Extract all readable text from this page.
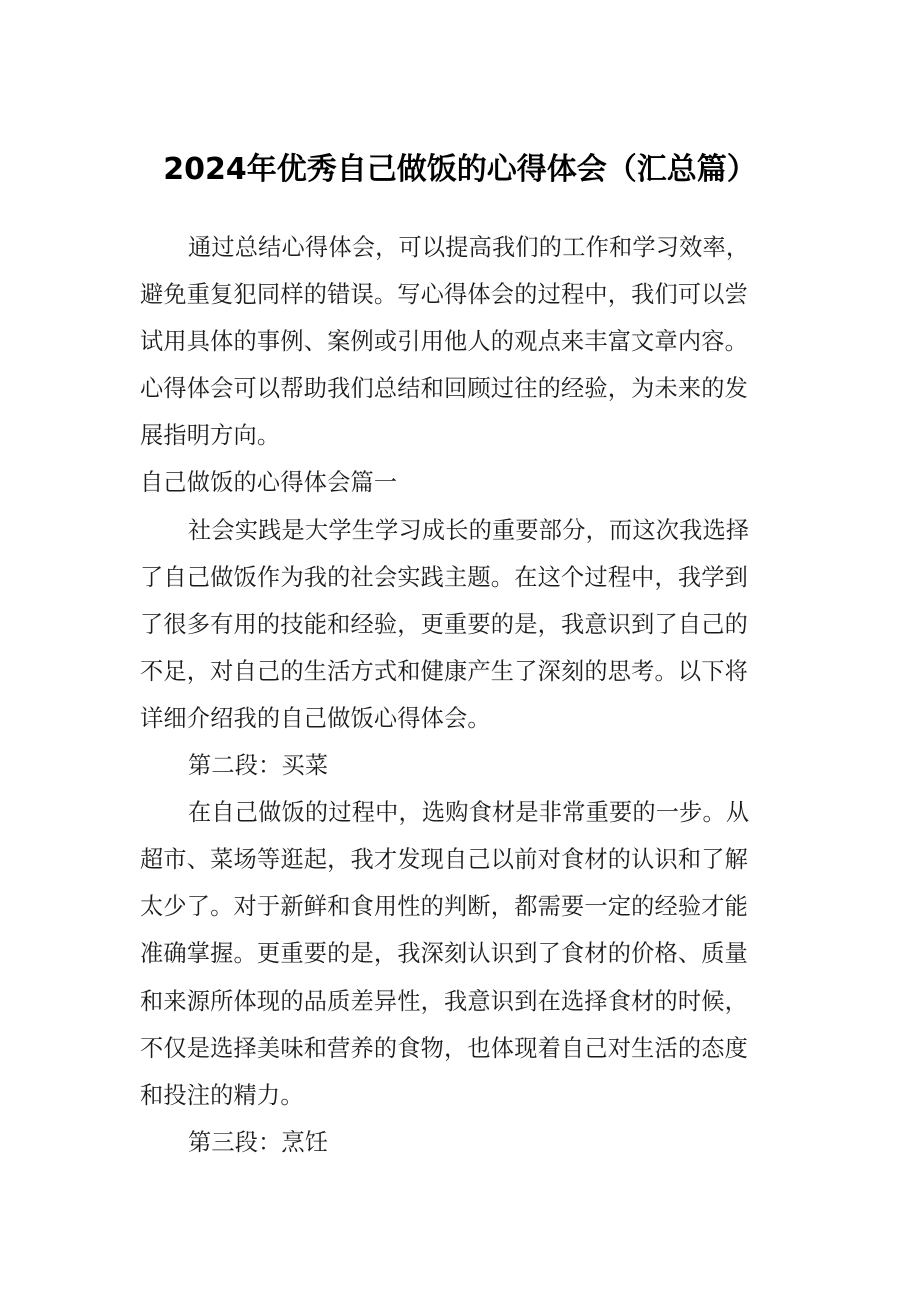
2024年优秀自己做饭的心得体会（汇总篇）
通过总结心得体会，可以提高我们的工作和学习效率，
避免重复犯同样的错误。写心得体会的过程中，我们可以尝
试用具体的事例、案例或引用他人的观点来丰富文章内容。
心得体会可以帮助我们总结和回顾过往的经验，为未来的发
展指明方向。
自己做饭的心得体会篇一
社会实践是大学生学习成长的重要部分，而这次我选择
了自己做饭作为我的社会实践主题。在这个过程中，我学到
了很多有用的技能和经验，更重要的是，我意识到了自己的
不足，对自己的生活方式和健康产生了深刻的思考。以下将
详细介绍我的自己做饭心得体会。
第二段：买菜
在自己做饭的过程中，选购食材是非常重要的一步。从
超市、菜场等逛起，我才发现自己以前对食材的认识和了解
太少了。对于新鲜和食用性的判断，都需要一定的经验才能
准确掌握。更重要的是，我深刻认识到了食材的价格、质量
和来源所体现的品质差异性，我意识到在选择食材的时候，
不仅是选择美味和营养的食物，也体现着自己对生活的态度
和投注的精力。
第三段：烹饪
